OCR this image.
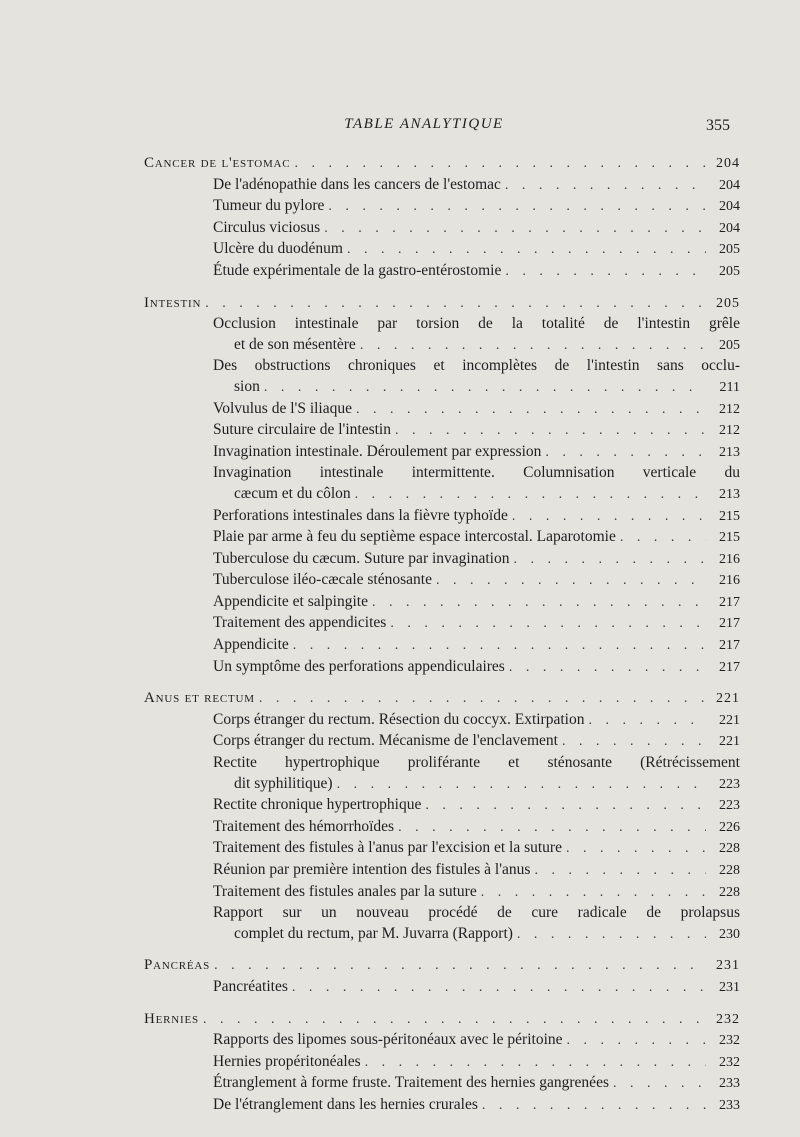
TABLE ANALYTIQUE	355
Cancer de l'estomac . . .	204
De l'adénopathie dans les cancers de l'estomac . . .	204
Tumeur du pylore . . .	204
Circulus viciosus . . .	204
Ulcère du duodénum . . .	205
Étude expérimentale de la gastro-entérostomie . . .	205
Intestin . . .	205
Occlusion intestinale par torsion de la totalité de l'intestin grêle
et de son mésentère . . .	205
Des obstructions chroniques et incomplètes de l'intestin sans occlu-
sion . . .	211
Volvulus de l'S iliaque . . .	212
Suture circulaire de l'intestin . . .	212
Invagination intestinale. Déroulement par expression . . .	213
Invagination intestinale intermittente. Columnisation verticale du
cæcum et du côlon . . .	213
Perforations intestinales dans la fièvre typhoïde . . .	215
Plaie par arme à feu du septième espace intercostal. Laparotomie . . .	215
Tuberculose du cæcum. Suture par invagination . . .	216
Tuberculose iléo-cæcale sténosante . . .	216
Appendicite et salpingite . . .	217
Traitement des appendicites . . .	217
Appendicite . . .	217
Un symptôme des perforations appendiculaires . . .	217
Anus et rectum . . .	221
Corps étranger du rectum. Résection du coccyx. Extirpation . . .	221
Corps étranger du rectum. Mécanisme de l'enclavement . . .	221
Rectite hypertrophique proliférante et sténosante (Rétrécissement
dit syphilitique) . . .	223
Rectite chronique hypertrophique . . .	223
Traitement des hémorrhoïdes . . .	226
Traitement des fistules à l'anus par l'excision et la suture . . .	228
Réunion par première intention des fistules à l'anus . . .	228
Traitement des fistules anales par la suture . . .	228
Rapport sur un nouveau procédé de cure radicale de prolapsus
complet du rectum, par M. Juvarra (Rapport) . . .	230
Pancréas . . .	231
Pancréatites . . .	231
Hernies . . .	232
Rapports des lipomes sous-péritonéaux avec le péritoine . . .	232
Hernies propéritonéales . . .	232
Étranglement à forme fruste. Traitement des hernies gangrenées . . .	233
De l'étranglement dans les hernies crurales . . .	233
